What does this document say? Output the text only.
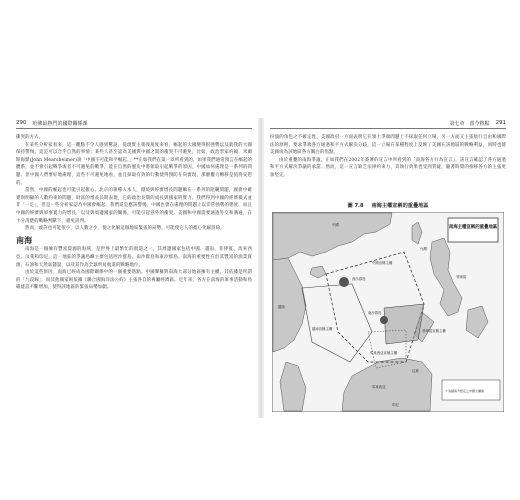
290 哈佛最熱門的國際關係課

衝突的方式。

在某些分析家看來，這一觀點不令人感到驚訝，從現實主義義角度來看，崛起的大國變得很強勢以及就我的大國保持警惕、這是可以合乎自然的事情；某些人甚至認為美國與中國之間的衝突不可避免，比如，政治學家約翰．米爾斯海默(John Mearsheimer)說「中國不可能和平崛起。」**正如我們在第一章所看到的，如果我們通常預言在崛起的體系，並不會引起戰爭或者不可避免的戰爭，能在自然的歷史中將領取引起戰爭的原因，中國如何處理是一系列的問題。但中國人們要好地處理，這些不可避免地看，並且採取有效的行動使得預防在向實現，那麼權力轉移是值得安慰的。

當然，中國的崛起也可能引起擔心。北京的領導人本人，環境與經濟增長問題嘛在一系列的阻礙問題，國會中確實與明顯的人數約束的問題，財富的增長長期表現，它的政治長期的成長與國家的實力，我們得到中國的經濟模式並非「一定」，但是一些分析家認為中國會崛起，我們還是應該警惕，中國也會在處理的問題上以非常強勢的態度，而且中國的經濟與軍事實力的增長，以及與周邊國家的關係，可能引起意外的衝突。美國和中國需要通過外交和溝通，在十分清楚的戰略判斷下，避免誤判。

然而，或許也可能很小，以人數之少，使之化解這個地區緊張的局勢，可能使它人的擔心化解消除。

南海

南海是一個擁有豐富資源的海域，是世界上最繁忙的航道之一，其周邊國家包括中國、越南、菲律賓、馬來西亞、汶萊和印尼。這一地區的爭議島嶼主要包括西沙群島、南沙群島和東沙群島。南海的重要性在於其豐富的漁業資源、石油和天然氣儲量，以及其作為全球貿易航道的戰略地位。

由於這些原因，南海已經成為國際關係中的一個重要熱點。中國聲稱對南海大部分地區擁有主權，其依據是所謂的「九段線」，而其他國家則依據《聯合國海洋法公約》主張各自的專屬經濟區。近年來，各方在南海的軍事活動和島礁建設不斷增加，使得該地區的緊張局勢加劇。

第七章　當今熱點 291

扮演的角色之不確定性，美國政府一方面表明它在領土爭端問題上不採取任何立場，另一方面又主張航行自由和國際法的原則，要求爭端各方通過和平方式解決分歧。這一立場在某種程度上反映了美國在該地區的戰略利益，同時也使美國成為該地區各方關注的焦點。

由於重疊的南海爭議，正如我們在2002年簽署的宣言中所看到的「南海各方行為宣言」，該宣言確認了各方通過和平方式解決爭議的承諾。然而，這一宣言缺乏法律約束力，其執行效果也受到質疑，隨著時間的推移各方的主張更加堅定。

圖 7.8 南海主權宣稱的重疊地區
南海主權宣稱的重疊地區
中國
台灣
越南
菲律賓
馬來西亞
汶萊
印尼
西沙群島
南沙群島
中國宣稱主權
越南宣稱主權
馬來西亞宣稱主權
菲律賓宣稱主權
＊為越南方認定之中國主權線
